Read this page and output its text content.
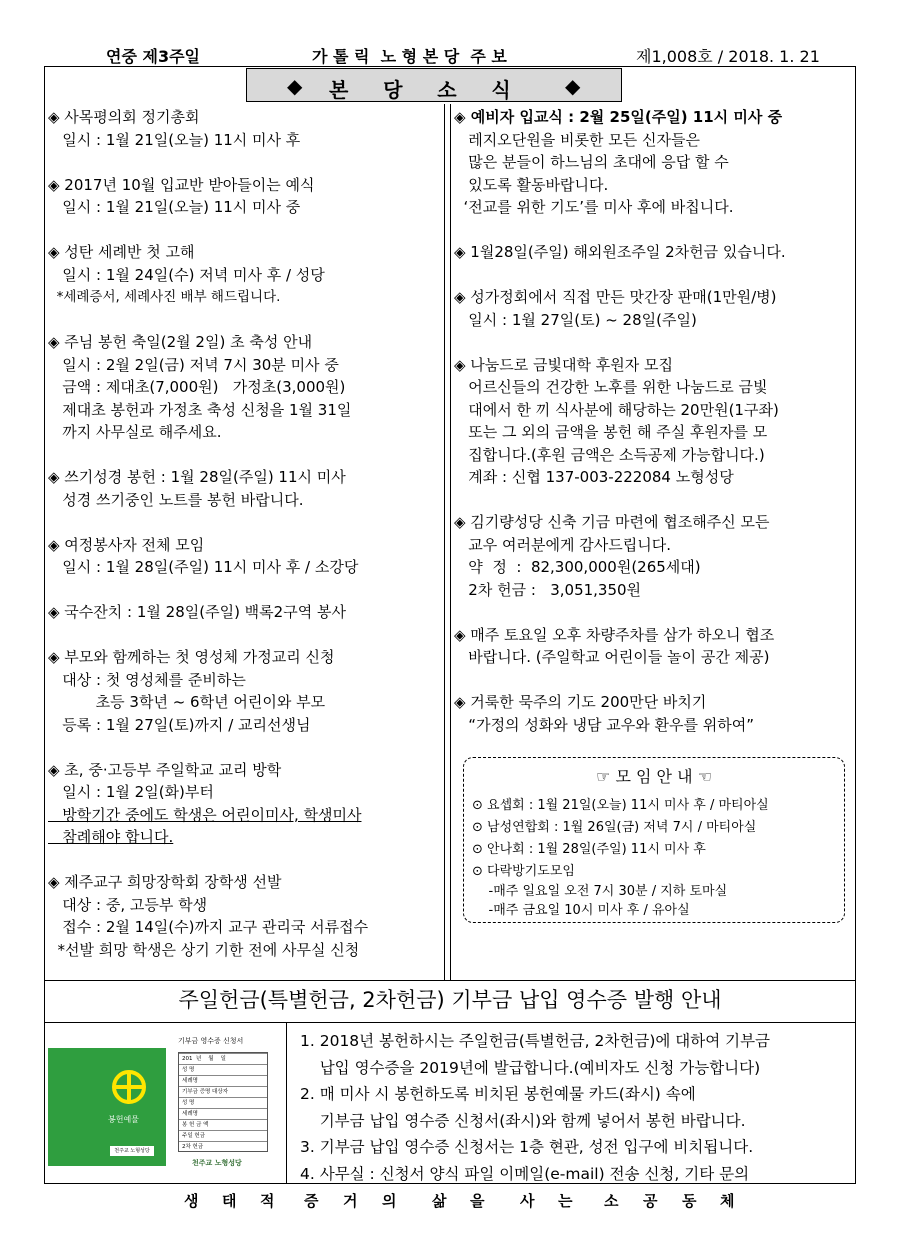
연중 제3주일	가 톨 릭  노 형 본 당  주 보	제1,008호 / 2018. 1. 21
◆ 본     당     소     식	◆
◈ 사목평의회 정기총회
일시 : 1월 21일(오늘) 11시 미사 후
◈ 2017년 10월 입교반 받아들이는 예식
일시 : 1월 21일(오늘) 11시 미사 중
◈ 성탄 세례반 첫 고해
일시 : 1월 24일(수) 저녁 미사 후 / 성당
*세례증서, 세례사진 배부 해드립니다.
◈ 주님 봉헌 축일(2월 2일) 초 축성 안내
일시 : 2월 2일(금) 저녁 7시 30분 미사 중
금액 : 제대초(7,000원)   가정초(3,000원)
제대초 봉헌과 가정초 축성 신청을 1월 31일
까지 사무실로 해주세요.
◈ 쓰기성경 봉헌 : 1월 28일(주일) 11시 미사
성경 쓰기중인 노트를 봉헌 바랍니다.
◈ 여정봉사자 전체 모임
일시 : 1월 28일(주일) 11시 미사 후 / 소강당
◈ 국수잔치 : 1월 28일(주일) 백록2구역 봉사
◈ 부모와 함께하는 첫 영성체 가정교리 신청
대상 : 첫 영성체를 준비하는
초등 3학년 ~ 6학년 어린이와 부모
등록 : 1월 27일(토)까지 / 교리선생님
◈ 초, 중·고등부 주일학교 교리 방학
일시 : 1월 2일(화)부터
방학기간 중에도 학생은 어린이미사, 학생미사
참례해야 합니다.
◈ 제주교구 희망장학회 장학생 선발
대상 : 중, 고등부 학생
접수 : 2월 14일(수)까지 교구 관리국 서류접수
*선발 희망 학생은 상기 기한 전에 사무실 신청
◈ 예비자 입교식 : 2월 25일(주일) 11시 미사 중
레지오단원을 비롯한 모든 신자들은
많은 분들이 하느님의 초대에 응답 할 수
있도록 활동바랍니다.
‘전교를 위한 기도’를 미사 후에 바칩니다.
◈ 1월28일(주일) 해외원조주일 2차헌금 있습니다.
◈ 성가정회에서 직접 만든 맛간장 판매(1만원/병)
일시 : 1월 27일(토) ~ 28일(주일)
◈ 나눔드로 금빛대학 후원자 모집
어르신들의 건강한 노후를 위한 나눔드로 금빛
대에서 한 끼 식사분에 해당하는 20만원(1구좌)
또는 그 외의 금액을 봉헌 해 주실 후원자를 모
집합니다.(후원 금액은 소득공제 가능합니다.)
계좌 : 신협 137-003-222084 노형성당
◈ 김기량성당 신축 기금 마련에 협조해주신 모든
교우 여러분에게 감사드립니다.
약  정  :  82,300,000원(265세대)
2차 헌금 :   3,051,350원
◈ 매주 토요일 오후 차량주차를 삼가 하오니 협조
바랍니다. (주일학교 어린이들 놀이 공간 제공)
◈ 거룩한 묵주의 기도 200만단 바치기
“가정의 성화와 냉담 교우와 환우를 위하여”
☞ 모 임 안 내 ☜
⊙ 요셉회 : 1월 21일(오늘) 11시 미사 후 / 마티아실
⊙ 남성연합회 : 1월 26일(금) 저녁 7시 / 마티아실
⊙ 안나회 : 1월 28일(주일) 11시 미사 후
⊙ 다락방기도모임
-매주 일요일 오전 7시 30분 / 지하 토마실
-매주 금요일 10시 미사 후 / 유아실
주일헌금(특별헌금, 2차헌금) 기부금 납입 영수증 발행 안내
봉헌예물
천주교 노형성당
기부금 영수증 신청서
201  년    월    일
성 명
세례명
기부금 증명 대상자
성 명
세례명
봉 헌 금 액
주일 헌금
2차 헌금
천주교 노형성당
1. 2018년 봉헌하시는 주일헌금(특별헌금, 2차헌금)에 대하여 기부금
납입 영수증을 2019년에 발급합니다.(예비자도 신청 가능합니다)
2. 매 미사 시 봉헌하도록 비치된 봉헌예물 카드(좌시) 속에
기부금 납입 영수증 신청서(좌시)와 함께 넣어서 봉헌 바랍니다.
3. 기부금 납입 영수증 신청서는 1층 현관, 성전 입구에 비치됩니다.
4. 사무실 : 신청서 양식 파일 이메일(e-mail) 전송 신청, 기타 문의
생 태 적 증 거 의 삶 을 사 는 소 공 동 체
